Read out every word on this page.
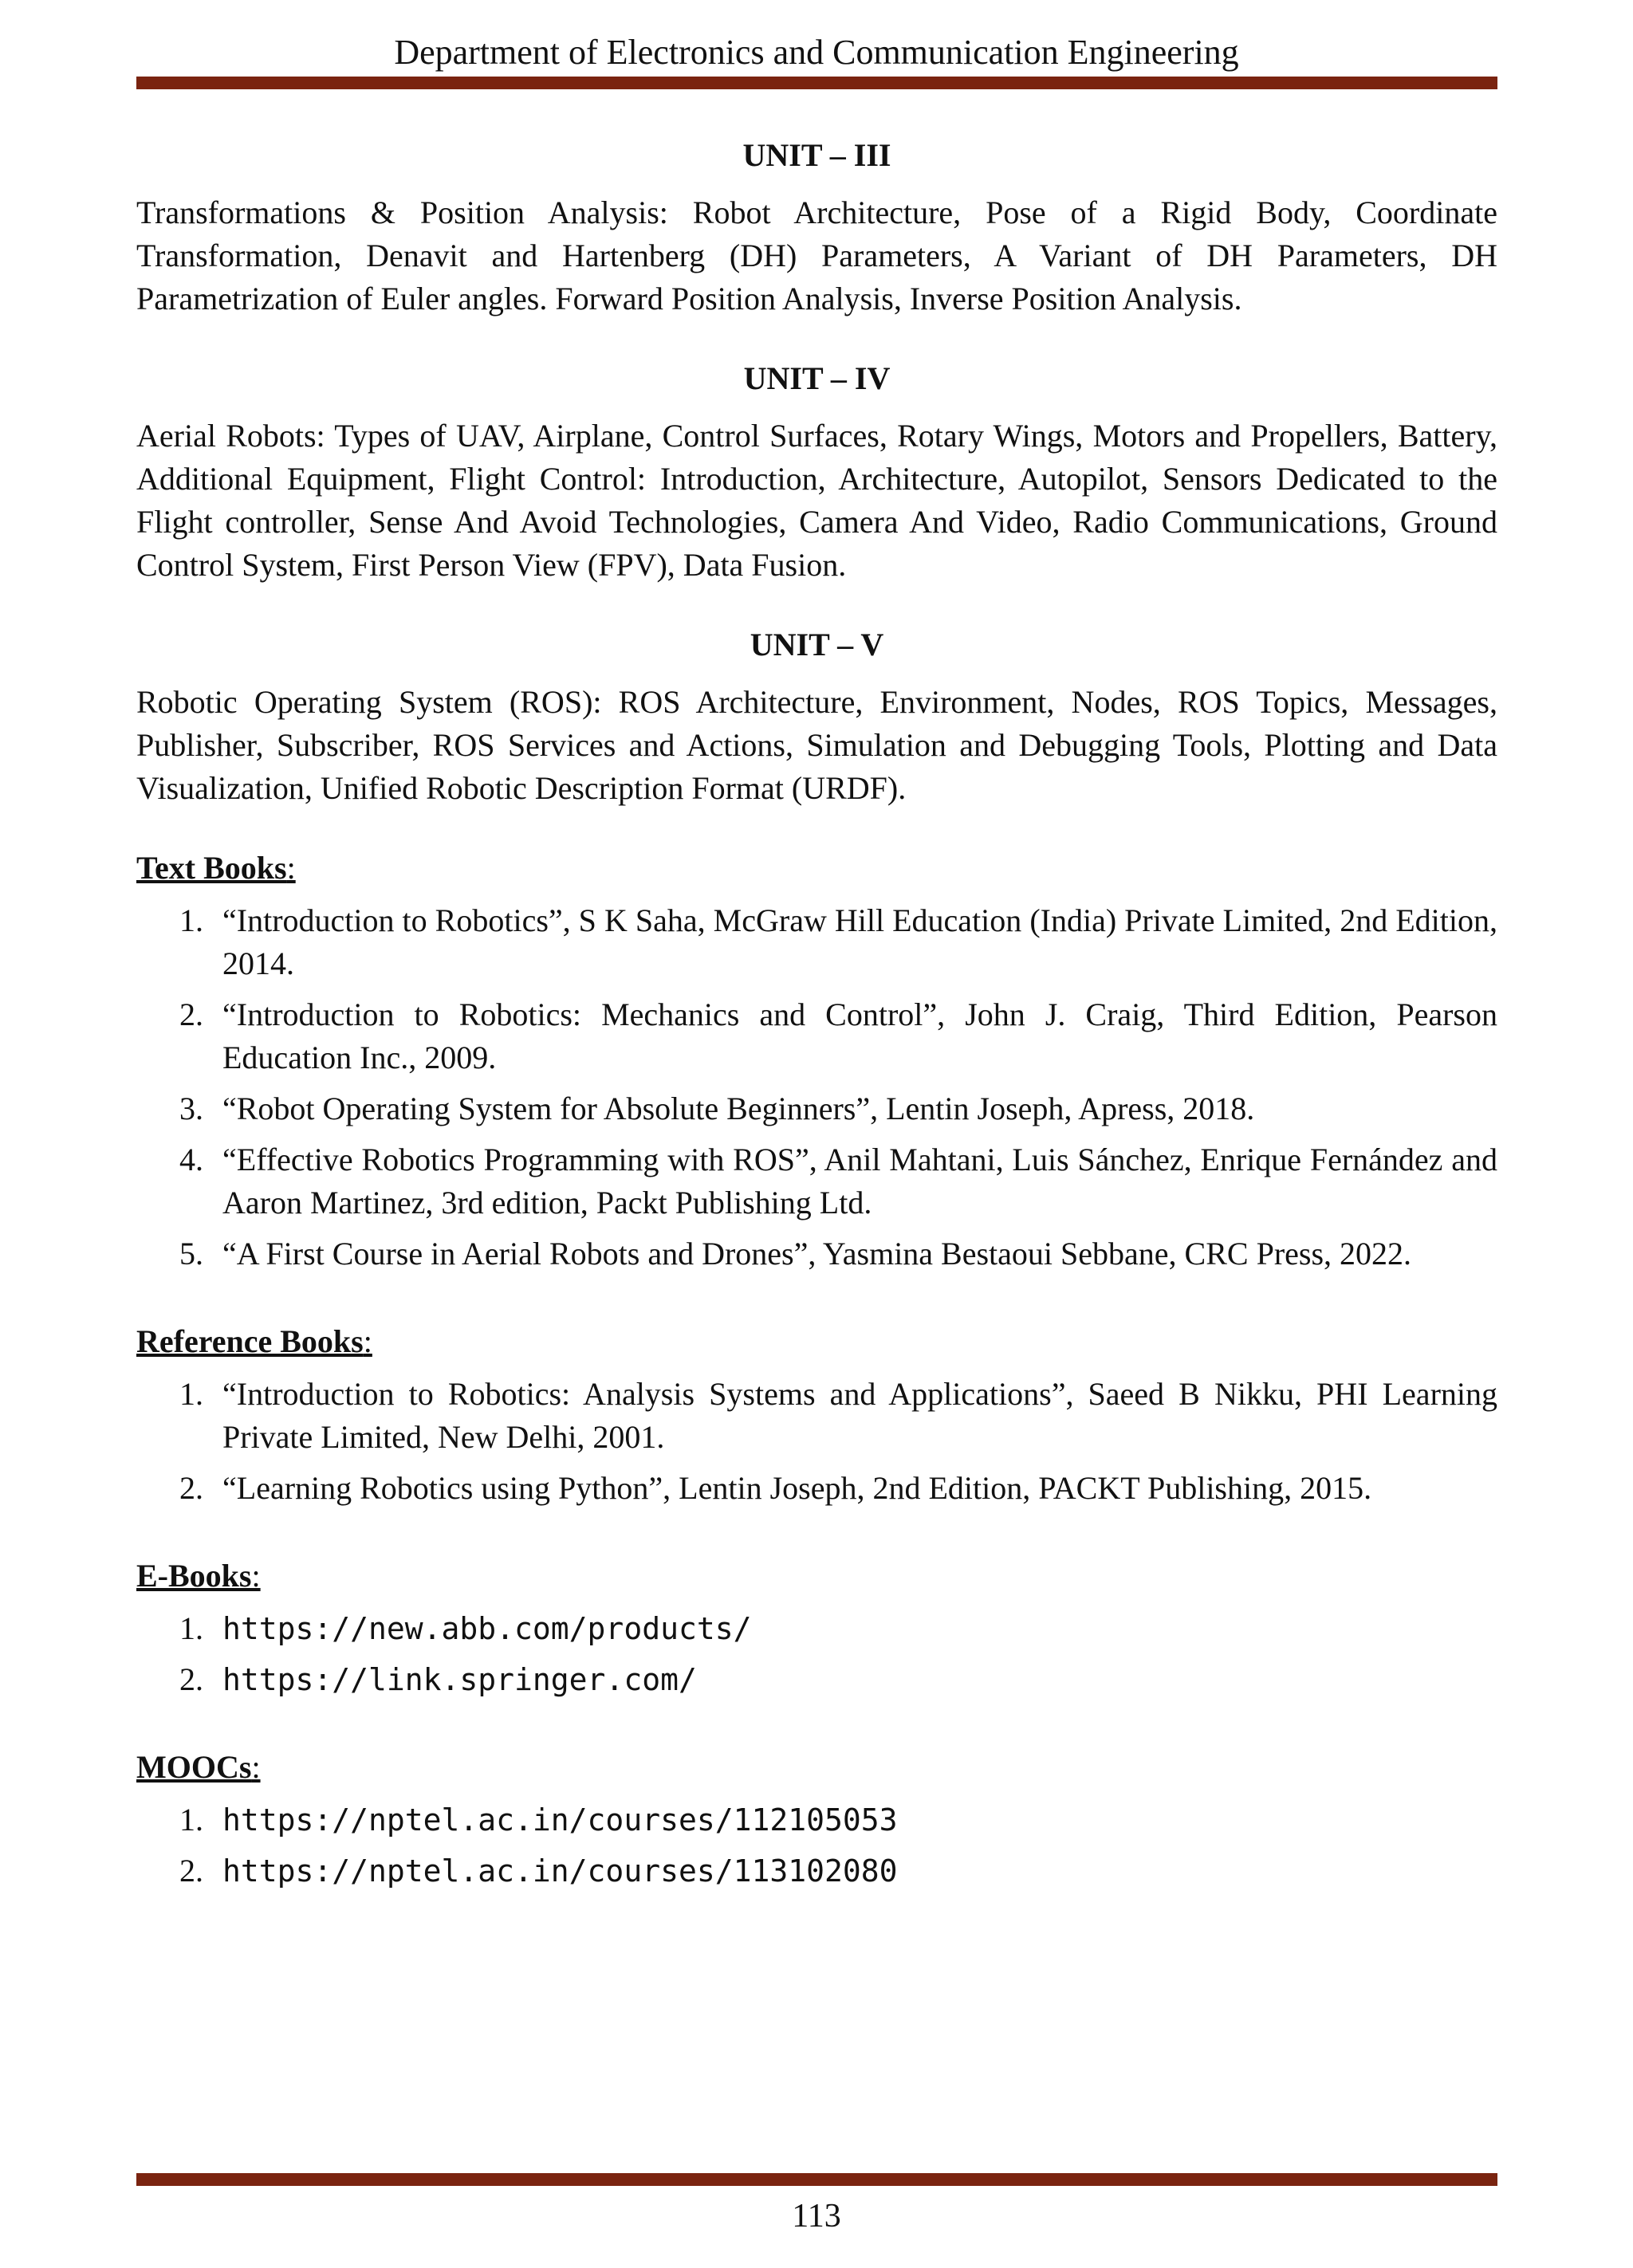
Department of Electronics and Communication Engineering
UNIT – III

Transformations & Position Analysis: Robot Architecture, Pose of a Rigid Body, Coordinate Transformation, Denavit and Hartenberg (DH) Parameters, A Variant of DH Parameters, DH Parametrization of Euler angles. Forward Position Analysis, Inverse Position Analysis.

UNIT – IV

Aerial Robots: Types of UAV, Airplane, Control Surfaces, Rotary Wings, Motors and Propellers, Battery, Additional Equipment, Flight Control: Introduction, Architecture, Autopilot, Sensors Dedicated to the Flight controller, Sense And Avoid Technologies, Camera And Video, Radio Communications, Ground Control System, First Person View (FPV), Data Fusion.

UNIT – V

Robotic Operating System (ROS): ROS Architecture, Environment, Nodes, ROS Topics, Messages, Publisher, Subscriber, ROS Services and Actions, Simulation and Debugging Tools, Plotting and Data Visualization, Unified Robotic Description Format (URDF).

Text Books:
1. “Introduction to Robotics”, S K Saha, McGraw Hill Education (India) Private Limited, 2nd Edition, 2014.
2. “Introduction to Robotics: Mechanics and Control”, John J. Craig, Third Edition, Pearson Education Inc., 2009.
3. “Robot Operating System for Absolute Beginners”, Lentin Joseph, Apress, 2018.
4. “Effective Robotics Programming with ROS”, Anil Mahtani, Luis Sánchez, Enrique Fernández and Aaron Martinez, 3rd edition, Packt Publishing Ltd.
5. “A First Course in Aerial Robots and Drones”, Yasmina Bestaoui Sebbane, CRC Press, 2022.
Reference Books:
1. “Introduction to Robotics: Analysis Systems and Applications”, Saeed B Nikku, PHI Learning Private Limited, New Delhi, 2001.
2. “Learning Robotics using Python”, Lentin Joseph, 2nd Edition, PACKT Publishing, 2015.
E-Books:
1. https://new.abb.com/products/
2. https://link.springer.com/
MOOCs:
1. https://nptel.ac.in/courses/112105053
2. https://nptel.ac.in/courses/113102080
113
